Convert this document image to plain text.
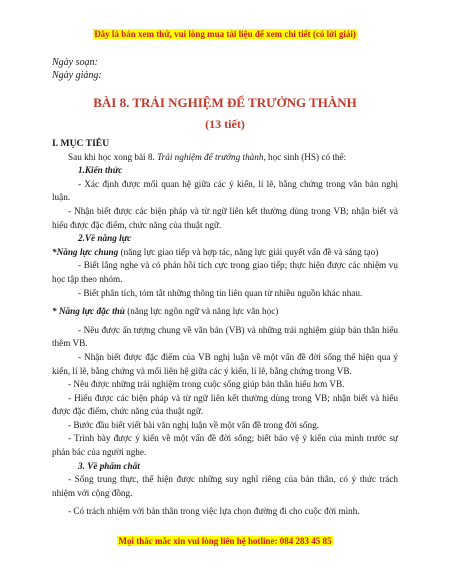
Đây là bản xem thử, vui lòng mua tài liệu để xem chi tiết (có lời giải)
Ngày soạn:
Ngày giảng:
BÀI 8. TRẢI NGHIỆM ĐỂ TRƯỞNG THÀNH
(13 tiết)

I. MỤC TIÊU

Sau khi học xong bài 8. Trải nghiệm để trưởng thành, học sinh (HS) có thể:

1.Kiến thức

- Xác định được mối quan hệ giữa các ý kiến, lí lẽ, bằng chứng trong văn bản nghị luận.

- Nhận biết được các biện pháp và từ ngữ liên kết thường dùng trong VB; nhận biết và hiểu được đặc điểm, chức năng của thuật ngữ.

2.Về năng lực

*Năng lực chung (năng lực giao tiếp và hợp tác, năng lực giải quyết vấn đề và sáng tạo)

- Biết lắng nghe và có phản hồi tích cực trong giao tiếp; thực hiện được các nhiệm vụ học tập theo nhóm.

- Biết phân tích, tóm tắt những thông tin liên quan từ nhiều nguồn khác nhau.

* Năng lực đặc thù (năng lực ngôn ngữ và năng lực văn học)

- Nêu được ấn tượng chung về văn bản (VB) và những trải nghiệm giúp bản thân hiểu thêm VB.

- Nhận biết được đặc điểm của VB nghị luận về một vấn đề đời sống thể hiện qua ý kiến, lí lẽ, bằng chứng và mối liên hệ giữa các ý kiến, lí lẽ, bằng chứng trong VB.

- Nêu được những trải nghiệm trong cuộc sống giúp bản thân hiểu hơn VB.

- Hiểu được các biện pháp và từ ngữ liên kết thường dùng trong VB; nhận biết và hiểu được đặc điểm, chức năng của thuật ngữ.

- Bước đầu biết viết bài văn nghị luận về một vấn đề trong đời sống.

- Trình bày được ý kiến về một vấn đề đời sống; biết bảo vệ ý kiến của mình trước sự phản bác của người nghe.

3. Về phẩm chất

- Sống trung thực, thể hiện được những suy nghĩ riêng của bản thân, có ý thức trách nhiệm với cộng đồng.

- Có trách nhiệm với bản thân trong việc lựa chọn đường đi cho cuộc đời mình.

Mọi thắc mắc xin vui lòng liên hệ hotline: 084 283 45 85
